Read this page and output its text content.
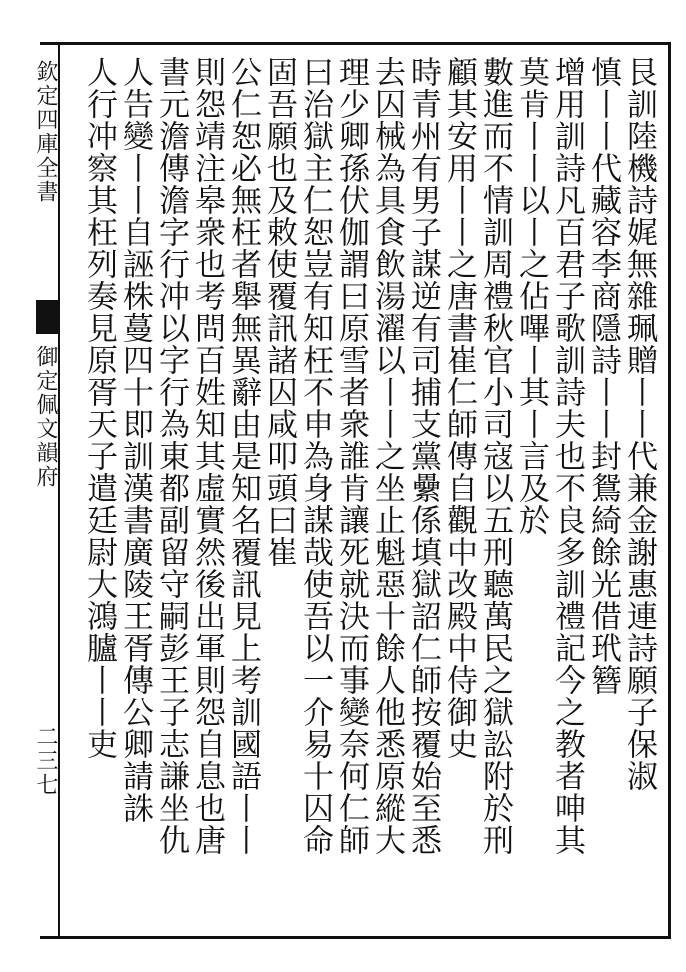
欽定四庫全書
御定佩文韻府
二三七	艮訓陸機詩娓無雜珮贈丨丨代兼金謝惠連詩願子保淑
慎丨丨代藏容李商隱詩丨丨封鴛綺餘光借玳簪
增用訓詩凡百君子歌訓詩夫也不良多訓禮記今之教者呻其
莫肯丨丨以丨之佔嗶丨其丨言及於
數進而不情訓周禮秋官小司寇以五刑聽萬民之獄訟附於刑
顧其安用丨丨之唐書崔仁師傳自觀中改殿中侍御史
時青州有男子謀逆有司捕支黨纍係填獄詔仁師按覆始至悉
去囚械為具食飲湯濯以丨丨之坐止魁惡十餘人他悉原縱大
理少卿孫伏伽謂曰原雪者衆誰肯讓死就決而事變奈何仁師
曰治獄主仁恕豈有知枉不申為身謀哉使吾以一介易十囚命
固吾願也及敕使覆訊諸囚咸叩頭曰崔
公仁恕必無枉者舉無異辭由是知名覆訊見上考訓國語丨丨
則怨靖注皋衆也考問百姓知其虛實然後出軍則怨自息也唐
書元澹傳澹字行冲以字行為東都副留守嗣彭王子志謙坐仇
人告變丨丨自誣株蔓四十即訓漢書廣陵王胥傳公卿請誅
人行冲察其枉列奏見原胥天子遣廷尉大鴻臚丨丨吏
